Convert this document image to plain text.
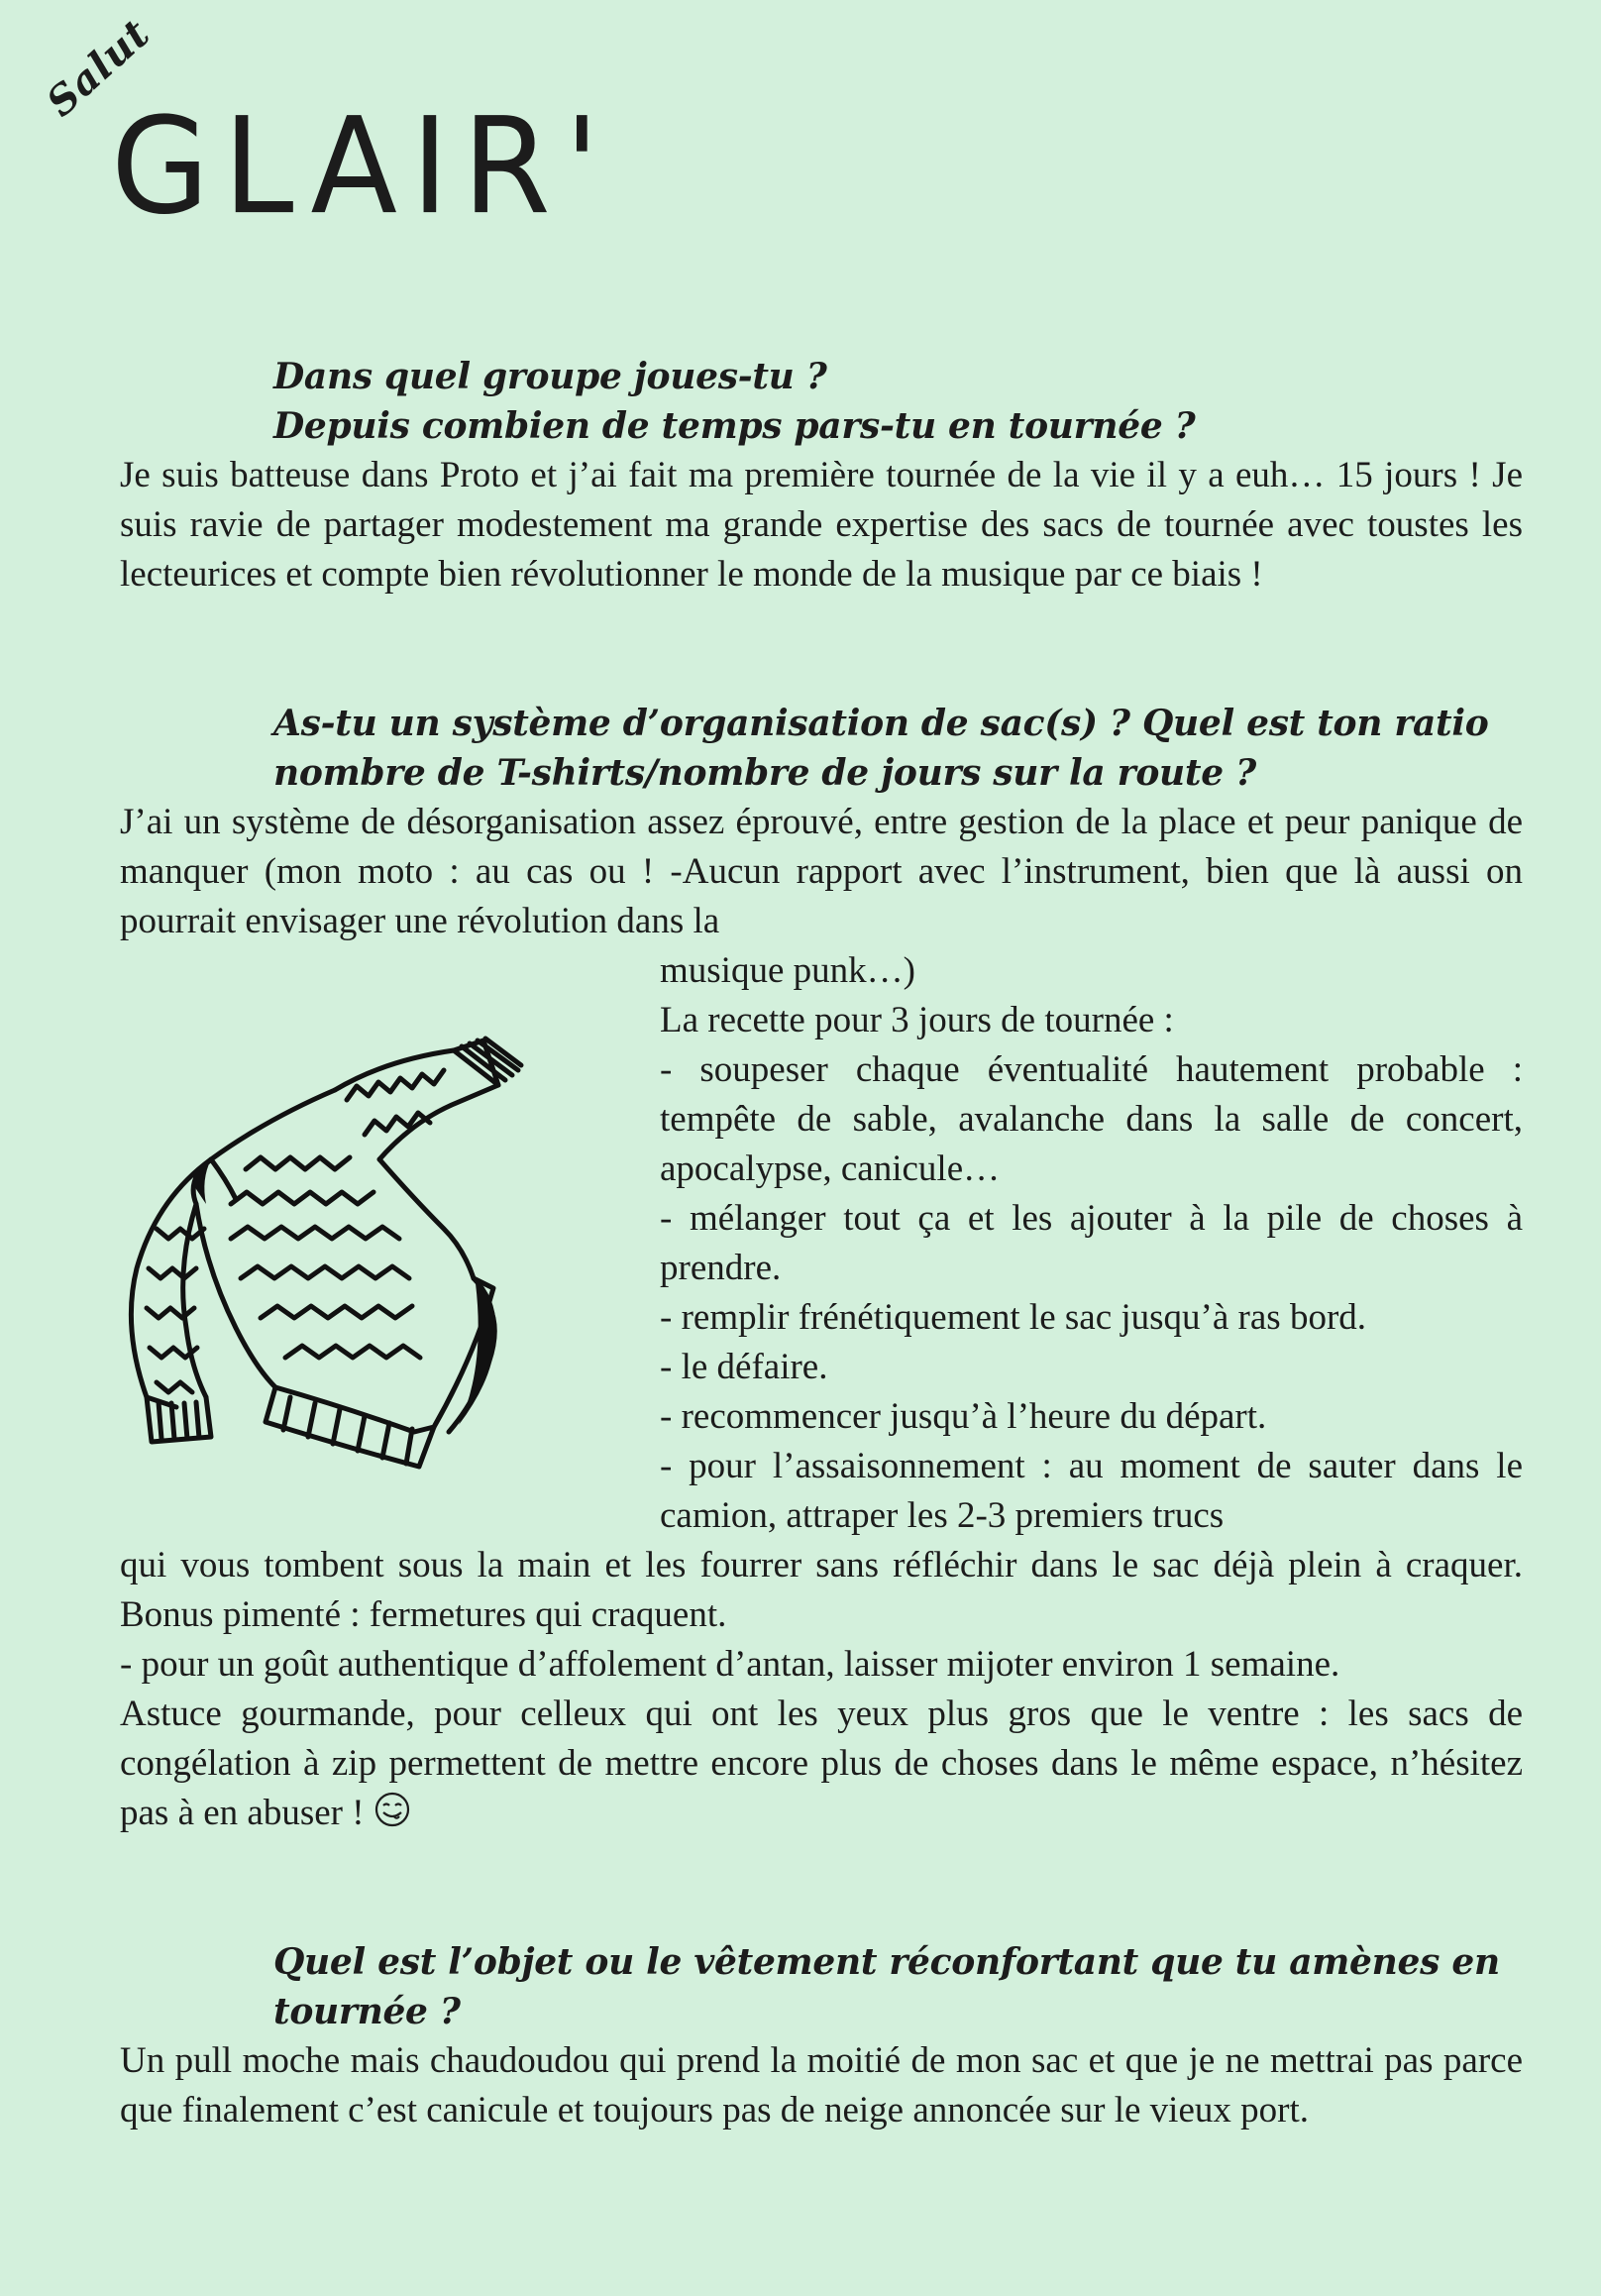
Salut
GLAIR'

Dans quel groupe joues-tu ?

Depuis combien de temps pars-tu en tournée ?

Je suis batteuse dans Proto et j’ai fait ma première tournée de la vie il y a euh… 15 jours ! Je suis ravie de partager modestement ma grande expertise des sacs de tournée avec toustes les lecteurices et compte bien révolutionner le monde de la musique par ce biais !

As-tu un système d’organisation de sac(s) ? Quel est ton ratio

nombre de T-shirts/nombre de jours sur la route ?

J’ai un système de désorganisation assez éprouvé, entre gestion de la place et peur panique de manquer (mon moto : au cas ou ! -Aucun rapport avec l’instrument, bien que là aussi on pourrait envisager une révolution dans la

musique punk…)

La recette pour 3 jours de tournée :

- soupeser chaque éventualité hautement probable : tempête de sable, avalanche dans la salle de concert, apocalypse, canicule…

- mélanger tout ça et les ajouter à la pile de choses à prendre.

- remplir frénétiquement le sac jusqu’à ras bord.

- le défaire.

- recommencer jusqu’à l’heure du départ.

- pour l’assaisonnement : au moment de sauter dans le camion, attraper les 2-3 premiers trucs

qui vous tombent sous la main et les fourrer sans réfléchir dans le sac déjà plein à craquer. Bonus pimenté : fermetures qui craquent.

- pour un goût authentique d’affolement d’antan, laisser mijoter environ 1 semaine.

Astuce gourmande, pour celleux qui ont les yeux plus gros que le ventre : les sacs de congélation à zip permettent de mettre encore plus de choses dans le même espace, n’hésitez pas à en abuser !

Quel est l’objet ou le vêtement réconfortant que tu amènes en

tournée ?

Un pull moche mais chaudoudou qui prend la moitié de mon sac et que je ne mettrai pas parce que finalement c’est canicule et toujours pas de neige annoncée sur le vieux port.
